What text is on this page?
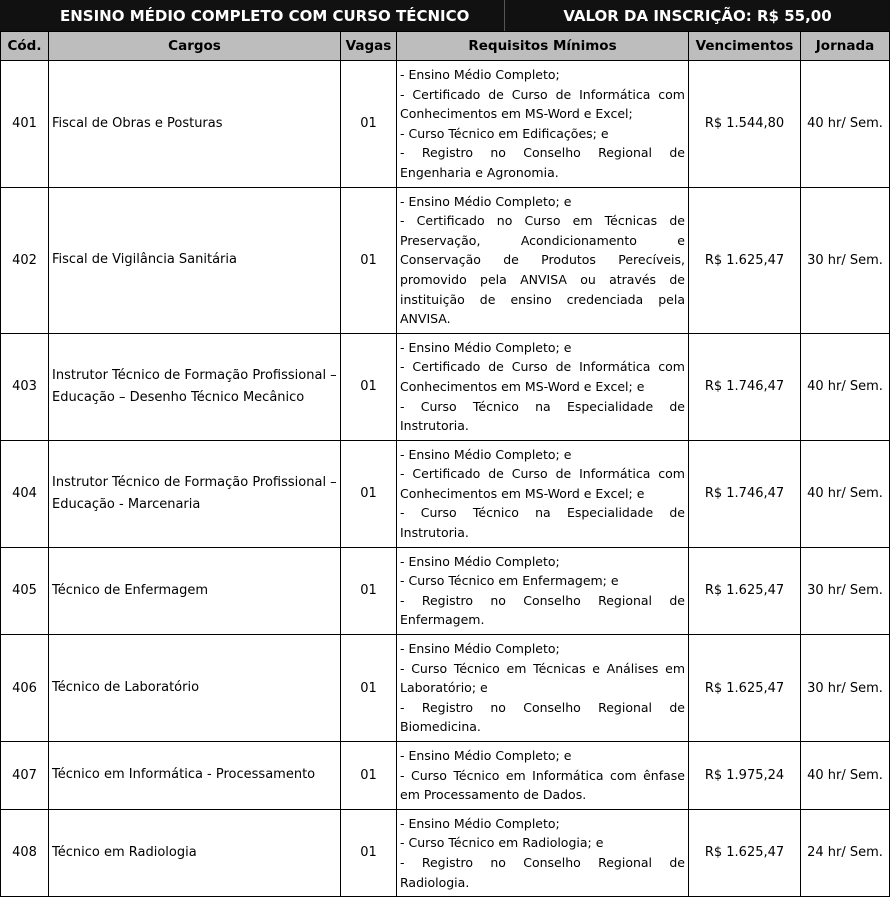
ENSINO MÉDIO COMPLETO COM CURSO TÉCNICO	VALOR DA INSCRIÇÃO: R$ 55,00
Cód.	Cargos	Vagas	Requisitos Mínimos	Vencimentos	Jornada
401	Fiscal de Obras e Posturas	01	- Ensino Médio Completo;
- Certificado de Curso de Informática com Conhecimentos em MS-Word e Excel;
- Curso Técnico em Edificações; e
- Registro no Conselho Regional de Engenharia e Agronomia.	R$ 1.544,80	40 hr/ Sem.
402	Fiscal de Vigilância Sanitária	01	- Ensino Médio Completo; e
- Certificado no Curso em Técnicas de Preservação, Acondicionamento e Conservação de Produtos Perecíveis, promovido pela ANVISA ou através de instituição de ensino credenciada pela ANVISA.	R$ 1.625,47	30 hr/ Sem.
403	Instrutor Técnico de Formação Profissional – Educação – Desenho Técnico Mecânico	01	- Ensino Médio Completo; e
- Certificado de Curso de Informática com Conhecimentos em MS-Word e Excel; e
- Curso Técnico na Especialidade de Instrutoria.	R$ 1.746,47	40 hr/ Sem.
404	Instrutor Técnico de Formação Profissional – Educação - Marcenaria	01	- Ensino Médio Completo; e
- Certificado de Curso de Informática com Conhecimentos em MS-Word e Excel; e
- Curso Técnico na Especialidade de Instrutoria.	R$ 1.746,47	40 hr/ Sem.
405	Técnico de Enfermagem	01	- Ensino Médio Completo;
- Curso Técnico em Enfermagem; e
- Registro no Conselho Regional de Enfermagem.	R$ 1.625,47	30 hr/ Sem.
406	Técnico de Laboratório	01	- Ensino Médio Completo;
- Curso Técnico em Técnicas e Análises em Laboratório; e
- Registro no Conselho Regional de Biomedicina.	R$ 1.625,47	30 hr/ Sem.
407	Técnico em Informática - Processamento	01	- Ensino Médio Completo; e
- Curso Técnico em Informática com ênfase em Processamento de Dados.	R$ 1.975,24	40 hr/ Sem.
408	Técnico em Radiologia	01	- Ensino Médio Completo;
- Curso Técnico em Radiologia; e
- Registro no Conselho Regional de Radiologia.	R$ 1.625,47	24 hr/ Sem.
